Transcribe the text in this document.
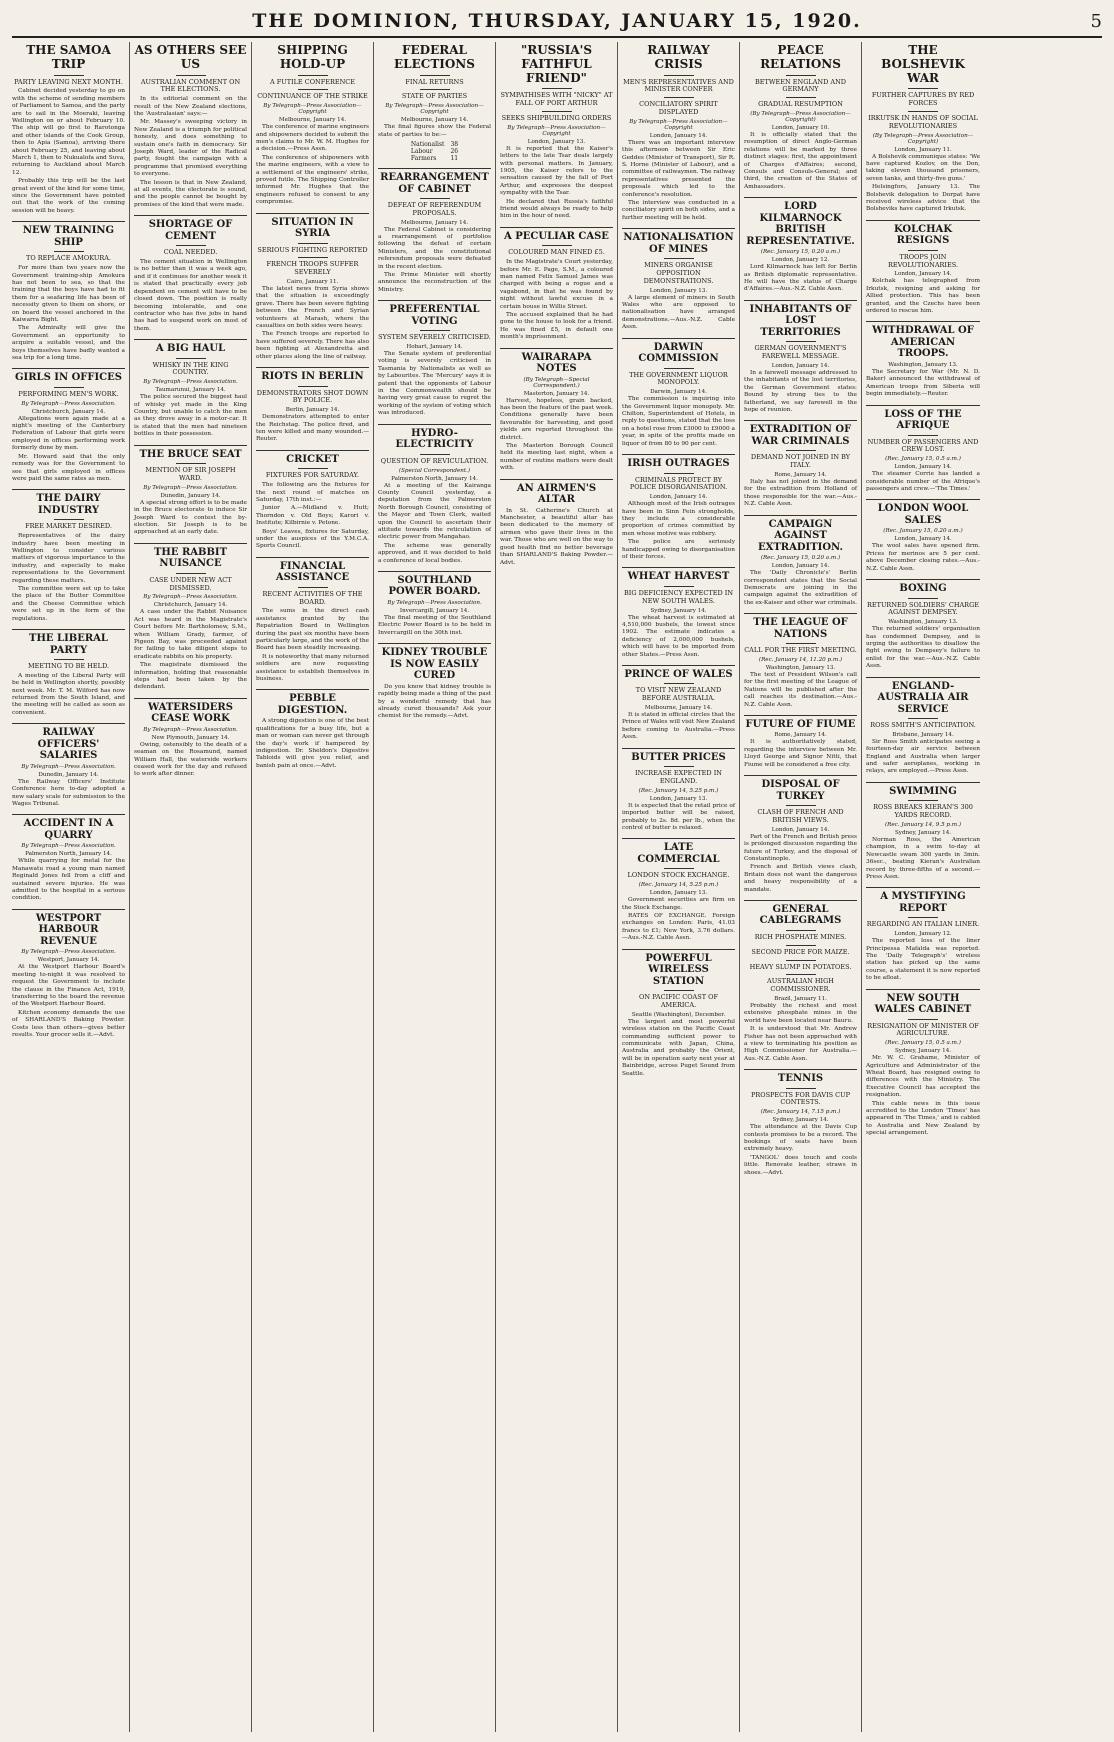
THE DOMINION, THURSDAY, JANUARY 15, 1920.	5
THE SAMOA TRIP
PARTY LEAVING NEXT MONTH.

Cabinet decided yesterday to go on with the scheme of sending members of Parliament to Samoa, and the party are to sail in the Moeraki, leaving Wellington on or about February 10. The ship will go first to Rarotonga and other islands of the Cook Group, then to Apia (Samoa), arriving there about February 25, and leaving about March 1, then to Nukualofa and Suva, returning to Auckland about March 12.

Probably this trip will be the last great event of the kind for some time, since the Government have pointed out that the work of the coming session will be heavy.

NEW TRAINING SHIP
TO REPLACE AMOKURA.

For more than two years now the Government training-ship Amokura has not been to sea, so that the training that the boys have had to fit them for a seafaring life has been of necessity given to them on shore, or on board the vessel anchored in the Kaiwarra Bight.

The Admiralty will give the Government an opportunity to acquire a suitable vessel, and the boys themselves have badly wanted a sea trip for a long time.

GIRLS IN OFFICES
PERFORMING MEN'S WORK.
By Telegraph—Press Association.
Christchurch, January 14.

Allegations were again made at a night's meeting of the Canterbury Federation of Labour that girls were employed in offices performing work formerly done by men.

Mr. Howard said that the only remedy was for the Government to see that girls employed in offices were paid the same rates as men.

THE DAIRY INDUSTRY
FREE MARKET DESIRED.

Representatives of the dairy industry have been meeting in Wellington to consider various matters of vigorous importance to the industry, and especially to make representations to the Government regarding these matters.

The committee were set up to take the place of the Butter Committee and the Cheese Committee which were set up in the form of the regulations.

THE LIBERAL PARTY
MEETING TO BE HELD.

A meeting of the Liberal Party will be held in Wellington shortly, possibly next week. Mr. T. M. Wilford has now returned from the South Island, and the meeting will be called as soon as convenient.

RAILWAY OFFICERS' SALARIES
By Telegraph—Press Association.
Dunedin, January 14.

The Railway Officers' Institute Conference here to-day adopted a new salary scale for submission to the Wages Tribunal.

ACCIDENT IN A QUARRY
By Telegraph—Press Association.
Palmerston North, January 14.

While quarrying for metal for the Manawatu road a young man named Reginald Jones fell from a cliff and sustained severe injuries. He was admitted to the hospital in a serious condition.

WESTPORT HARBOUR REVENUE
By Telegraph—Press Association.
Westport, January 14.

At the Westport Harbour Board's meeting to-night it was resolved to request the Government to include the clause in the Finance Act, 1919, transferring to the board the revenue of the Westport Harbour Board.

Kitchen economy demands the use of SHARLAND'S Baking Powder. Costs less than others—gives better results. Your grocer sells it.—Advt.

AS OTHERS SEE US
AUSTRALIAN COMMENT ON THE ELECTIONS.

In its editorial comment on the result of the New Zealand elections, the 'Australasian' says:—

Mr. Massey's sweeping victory in New Zealand is a triumph for political honesty, and does something to sustain one's faith in democracy. Sir Joseph Ward, leader of the Radical party, fought the campaign with a programme that promised everything to everyone.

The lesson is that in New Zealand, at all events, the electorate is sound, and the people cannot be bought by promises of the kind that were made.

SHORTAGE OF CEMENT
COAL NEEDED.

The cement situation in Wellington is no better than it was a week ago, and if it continues for another week it is stated that practically every job dependent on cement will have to be closed down. The position is really becoming intolerable, and one contractor who has five jobs in hand has had to suspend work on most of them.

A BIG HAUL
WHISKY IN THE KING COUNTRY.
By Telegraph—Press Association.
Taumarunui, January 14.

The police secured the biggest haul of whisky yet made in the King Country, but unable to catch the men as they drove away in a motor-car. It is stated that the men had nineteen bottles in their possession.

THE BRUCE SEAT
MENTION OF SIR JOSEPH WARD.
By Telegraph—Press Association.
Dunedin, January 14.

A special strong effort is to be made in the Bruce electorate to induce Sir Joseph Ward to contest the by-election. Sir Joseph is to be approached at an early date.

THE RABBIT NUISANCE
CASE UNDER NEW ACT DISMISSED.
By Telegraph—Press Association.
Christchurch, January 14.

A case under the Rabbit Nuisance Act was heard in the Magistrate's Court before Mr. Bartholomew, S.M., when William Grady, farmer, of Pigeon Bay, was proceeded against for failing to take diligent steps to eradicate rabbits on his property.

The magistrate dismissed the information, holding that reasonable steps had been taken by the defendant.

WATERSIDERS CEASE WORK
By Telegraph—Press Association.
New Plymouth, January 14.

Owing, ostensibly to the death of a seaman on the Rosamund, named William Hall, the waterside workers ceased work for the day and refused to work after dinner.

SHIPPING HOLD-UP
A FUTILE CONFERENCE
CONTINUANCE OF THE STRIKE
By Telegraph—Press Association—Copyright
Melbourne, January 14.

The conference of marine engineers and shipowners decided to submit the men's claims to Mr. W. M. Hughes for a decision.—Press Assn.

The conference of shipowners with the marine engineers, with a view to a settlement of the engineers' strike, proved futile. The Shipping Controller informed Mr. Hughes that the engineers refused to consent to any compromise.

SITUATION IN SYRIA
SERIOUS FIGHTING REPORTED
FRENCH TROOPS SUFFER SEVERELY
Cairo, January 11.

The latest news from Syria shows that the situation is exceedingly grave. There has been severe fighting between the French and Syrian volunteers at Marash, where the casualties on both sides were heavy.

The French troops are reported to have suffered severely. There has also been fighting at Alexandretta and other places along the line of railway.

RIOTS IN BERLIN
DEMONSTRATORS SHOT DOWN BY POLICE.
Berlin, January 14.

Demonstrators attempted to enter the Reichstag. The police fired, and ten were killed and many wounded.—Reuter.

CRICKET
FIXTURES FOR SATURDAY.

The following are the fixtures for the next round of matches on Saturday, 17th inst.:—

Junior A.—Midland v. Hutt; Thorndon v. Old Boys; Karori v. Institute; Kilbirnie v. Petone.

Boys' Leaves, fixtures for Saturday, under the auspices of the Y.M.C.A. Sports Council.

FINANCIAL ASSISTANCE
RECENT ACTIVITIES OF THE BOARD.

The sums in the direct cash assistance granted by the Repatriation Board in Wellington during the past six months have been particularly large, and the work of the Board has been steadily increasing.

It is noteworthy that many returned soldiers are now requesting assistance to establish themselves in business.

PEBBLE DIGESTION.

A strong digestion is one of the best qualifications for a busy life, but a man or woman can never get through the day's work if hampered by indigestion. Dr. Sheldon's Digestive Tabloids will give you relief, and banish pain at once.—Advt.

FEDERAL ELECTIONS
FINAL RETURNS
STATE OF PARTIES
By Telegraph—Press Association—Copyright
Melbourne, January 14.

The final figures show the Federal state of parties to be:—

Nationalist	38
Labour	26
Farmers	11
REARRANGEMENT OF CABINET
DEFEAT OF REFERENDUM PROPOSALS.
Melbourne, January 14.

The Federal Cabinet is considering a rearrangement of portfolios following the defeat of certain Ministers, and the constitutional referendum proposals were defeated in the recent election.

The Prime Minister will shortly announce the reconstruction of the Ministry.

PREFERENTIAL VOTING
SYSTEM SEVERELY CRITICISED.
Hobart, January 14.

The Senate system of preferential voting is severely criticised in Tasmania by Nationalists as well as by Labourites. The 'Mercury' says it is patent that the opponents of Labour in the Commonwealth should be having very great cause to regret the working of the system of voting which was introduced.

HYDRO-ELECTRICITY
QUESTION OF REVICULATION.
(Special Correspondent.)
Palmerston North, January 14.

At a meeting of the Kairanga County Council yesterday, a deputation from the Palmerston North Borough Council, consisting of the Mayor and Town Clerk, waited upon the Council to ascertain their attitude towards the reticulation of electric power from Mangahao.

The scheme was generally approved, and it was decided to hold a conference of local bodies.

SOUTHLAND POWER BOARD.
By Telegraph—Press Association.
Invercargill, January 14.

The final meeting of the Southland Electric Power Board is to be held in Invercargill on the 30th inst.

KIDNEY TROUBLE IS NOW EASILY CURED

Do you know that kidney trouble is rapidly being made a thing of the past by a wonderful remedy that has already cured thousands? Ask your chemist for the remedy.—Advt.

"RUSSIA'S FAITHFUL FRIEND"
SYMPATHISES WITH "NICKY" AT FALL OF PORT ARTHUR
SEEKS SHIPBUILDING ORDERS
By Telegraph—Press Association—Copyright
London, January 13.

It is reported that the Kaiser's letters to the late Tsar deals largely with personal matters. In January, 1905, the Kaiser refers to the sensation caused by the fall of Port Arthur, and expresses the deepest sympathy with the Tsar.

He declared that Russia's faithful friend would always be ready to help him in the hour of need.

A PECULIAR CASE
COLOURED MAN FINED £5.

In the Magistrate's Court yesterday, before Mr. E. Page, S.M., a coloured man named Felix Samuel James was charged with being a rogue and a vagabond, in that he was found by night without lawful excuse in a certain house in Willis Street.

The accused explained that he had gone to the house to look for a friend. He was fined £5, in default one month's imprisonment.

WAIRARAPA NOTES
(By Telegraph—Special Correspondent.)
Masterton, January 14.

Harvest, hopeless, grain backed, has been the feature of the past week. Conditions generally have been favourable for harvesting, and good yields are reported throughout the district.

The Masterton Borough Council held its meeting last night, when a number of routine matters were dealt with.

AN AIRMEN'S ALTAR

In St. Catherine's Church at Manchester, a beautiful altar has been dedicated to the memory of airmen who gave their lives in the war. Those who are well on the way to good health find no better beverage than SHARLAND'S Baking Powder.—Advt.

RAILWAY CRISIS
MEN'S REPRESENTATIVES AND MINISTER CONFER
CONCILIATORY SPIRIT DISPLAYED
By Telegraph—Press Association—Copyright
London, January 14.

There was an important interview this afternoon between Sir Eric Geddes (Minister of Transport), Sir R. S. Horne (Minister of Labour), and a committee of railwaymen. The railway representatives presented the proposals which led to the conference's resolution.

The interview was conducted in a conciliatory spirit on both sides, and a further meeting will be held.

NATIONALISATION OF MINES
MINERS ORGANISE OPPOSITION DEMONSTRATIONS.
London, January 13.

A large element of miners in South Wales who are opposed to nationalisation have arranged demonstrations.—Aus.-N.Z. Cable Assn.

DARWIN COMMISSION
THE GOVERNMENT LIQUOR MONOPOLY.
Darwin, January 14.

The commission is inquiring into the Government liquor monopoly. Mr. Chilton, Superintendent of Hotels, in reply to questions, stated that the loss on a hotel rose from £3000 to £9000 a year, in spite of the profits made on liquor of from 80 to 90 per cent.

IRISH OUTRAGES
CRIMINALS PROTECT BY POLICE DISORGANISATION.
London, January 14.

Although most of the Irish outrages have been in Sinn Fein strongholds, they include a considerable proportion of crimes committed by men whose motive was robbery.

The police are seriously handicapped owing to disorganisation of their forces.

WHEAT HARVEST
BIG DEFICIENCY EXPECTED IN NEW SOUTH WALES.
Sydney, January 14.

The wheat harvest is estimated at 4,510,000 bushels, the lowest since 1902. The estimate indicates a deficiency of 2,000,000 bushels, which will have to be imported from other States.—Press Assn.

PRINCE OF WALES
TO VISIT NEW ZEALAND BEFORE AUSTRALIA.
Melbourne, January 14.

It is stated in official circles that the Prince of Wales will visit New Zealand before coming to Australia.—Press Assn.

BUTTER PRICES
INCREASE EXPECTED IN ENGLAND.
(Rec. January 14, 5.25 p.m.)
London, January 13.

It is expected that the retail price of imported butter will be raised, probably to 2s. 8d. per lb., when the control of butter is relaxed.

LATE COMMERCIAL
LONDON STOCK EXCHANGE.
(Rec. January 14, 5.25 p.m.)
London, January 13.

Government securities are firm on the Stock Exchange.

RATES OF EXCHANGE. Foreign exchanges on London: Paris, 41.03 francs to £1; New York, 3.76 dollars.—Aus.-N.Z. Cable Assn.

POWERFUL WIRELESS STATION
ON PACIFIC COAST OF AMERICA.
Seattle (Washington), December.

The largest and most powerful wireless station on the Pacific Coast commanding sufficient power to communicate with Japan, China, Australia and probably the Orient, will be in operation early next year at Bainbridge, across Puget Sound from Seattle.

PEACE RELATIONS
BETWEEN ENGLAND AND GERMANY
GRADUAL RESUMPTION
(By Telegraph—Press Association—Copyright)
London, January 10.

It is officially stated that the resumption of direct Anglo-German relations will be marked by three distinct stages: first, the appointment of Charges d'Affaires; second, Consuls and Consuls-General; and third, the creation of the States of Ambassadors.

LORD KILMARNOCK BRITISH REPRESENTATIVE.
(Rec. January 15, 0.20 a.m.)
London, January 12.

Lord Kilmarnock has left for Berlin as British diplomatic representative. He will have the status of Charge d'Affaires.—Aus.-N.Z. Cable Assn.

INHABITANTS OF LOST TERRITORIES
GERMAN GOVERNMENT'S FAREWELL MESSAGE.
London, January 14.

In a farewell message addressed to the inhabitants of the lost territories, the German Government states: Bound by strong ties to the fatherland, we say farewell in the hope of reunion.

EXTRADITION OF WAR CRIMINALS
DEMAND NOT JOINED IN BY ITALY.
Rome, January 14.

Italy has not joined in the demand for the extradition from Holland of those responsible for the war.—Aus.-N.Z. Cable Assn.

CAMPAIGN AGAINST EXTRADITION.
(Rec. January 15, 0.20 a.m.)
London, January 14.

The 'Daily Chronicle's' Berlin correspondent states that the Social Democrats are joining in the campaign against the extradition of the ex-Kaiser and other war criminals.

THE LEAGUE OF NATIONS
CALL FOR THE FIRST MEETING.
(Rec. January 14, 11.20 p.m.)
Washington, January 13.

The text of President Wilson's call for the first meeting of the League of Nations will be published after the call reaches its destination.—Aus.-N.Z. Cable Assn.

FUTURE OF FIUME
Rome, January 14.

It is authoritatively stated, regarding the interview between Mr. Lloyd George and Signor Nitti, that Fiume will be considered a free city.

DISPOSAL OF TURKEY
CLASH OF FRENCH AND BRITISH VIEWS.
London, January 14.

Part of the French and British press is prolonged discussion regarding the future of Turkey, and the disposal of Constantinople.

French and British views clash, Britain does not want the dangerous and heavy responsibility of a mandate.

GENERAL CABLEGRAMS
RICH PHOSPHATE MINES.
SECOND PRICE FOR MAIZE.
HEAVY SLUMP IN POTATOES.
AUSTRALIAN HIGH COMMISSIONER.
Brazil, January 11.

Probably the richest and most extensive phosphate mines in the world have been located near Bauru.

It is understood that Mr. Andrew Fisher has not been approached with a view to terminating his position as High Commissioner for Australia.—Aus.-N.Z. Cable Assn.

TENNIS
PROSPECTS FOR DAVIS CUP CONTESTS.
(Rec. January 14, 7.15 p.m.)
Sydney, January 14.

The attendance at the Davis Cup contests promises to be a record. The bookings of seats have been extremely heavy.

'TANGOL' does touch and cools little. Renovate leather, straws in shoes.—Advt.

THE BOLSHEVIK WAR
FURTHER CAPTURES BY RED FORCES
IRKUTSK IN HANDS OF SOCIAL REVOLUTIONARIES
(By Telegraph—Press Association—Copyright)
London, January 11.

A Bolshevik communique states: 'We have captured Kozlov, on the Don, taking eleven thousand prisoners, seven tanks, and thirty-five guns.'

Helsingfors, January 13. The Bolshevik delegation to Dorpat have received wireless advice that the Bolsheviks have captured Irkutsk.

KOLCHAK RESIGNS
TROOPS JOIN REVOLUTIONARIES.
London, January 14.

Kolchak has telegraphed from Irkutsk, resigning and asking for Allied protection. This has been granted, and the Czechs have been ordered to rescue him.

WITHDRAWAL OF AMERICAN TROOPS.
Washington, January 13.

The Secretary for War (Mr. N. D. Baker) announced the withdrawal of American troops from Siberia will begin immediately.—Reuter.

LOSS OF THE AFRIQUE
NUMBER OF PASSENGERS AND CREW LOST.
(Rec. January 15, 0.5 a.m.)
London, January 14.

The steamer Corrie has landed a considerable number of the Afrique's passengers and crew.—'The Times.'

LONDON WOOL SALES
(Rec. January 15, 0.20 a.m.)
London, January 14.

The wool sales have opened firm. Prices for merinos are 5 per cent. above December closing rates.—Aus.-N.Z. Cable Assn.

BOXING
RETURNED SOLDIERS' CHARGE AGAINST DEMPSEY.
Washington, January 13.

The returned soldiers' organisation has condemned Dempsey, and is urging the authorities to disallow the fight owing to Dempsey's failure to enlist for the war.—Aus.-N.Z. Cable Assn.

ENGLAND-AUSTRALIA AIR SERVICE
ROSS SMITH'S ANTICIPATION.
Brisbane, January 14.

Sir Ross Smith anticipates seeing a fourteen-day air service between England and Australia when larger and safer aeroplanes, working in relays, are employed.—Press Assn.

SWIMMING
ROSS BREAKS KIERAN'S 300 YARDS RECORD.
(Rec. January 14, 9.5 p.m.)
Sydney, January 14.

Norman Ross, the American champion, in a swim to-day at Newcastle swam 300 yards in 3min. 36sec., beating Kieran's Australian record by three-fifths of a second.—Press Assn.

A MYSTIFYING REPORT
REGARDING AN ITALIAN LINER.
London, January 12.

The reported loss of the liner Principessa Mafalda was reported. The 'Daily Telegraph's' wireless station has picked up the same course, a statement it is now reported to be afloat.

NEW SOUTH WALES CABINET
RESIGNATION OF MINISTER OF AGRICULTURE.
(Rec. January 15, 0.5 a.m.)
Sydney, January 14.

Mr. W. C. Grahame, Minister of Agriculture and Administrator of the Wheat Board, has resigned owing to differences with the Ministry. The Executive Council has accepted the resignation.

This cable news in this issue accredited to the London 'Times' has appeared in 'The Times,' and is cabled to Australia and New Zealand by special arrangement.
